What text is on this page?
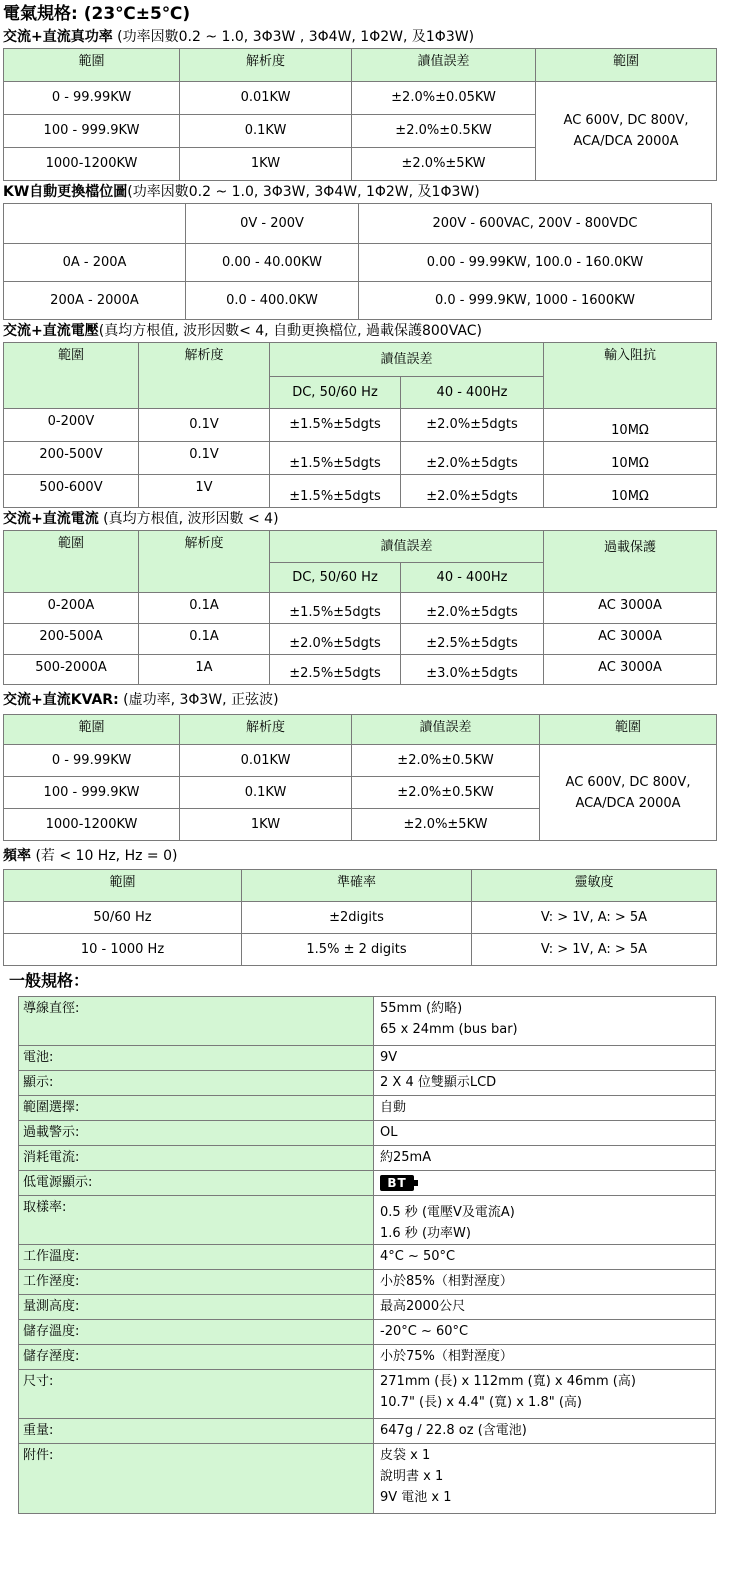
電氣規格: (23℃±5℃)
交流+直流真功率 (功率因數0.2 ~ 1.0, 3Φ3W , 3Φ4W, 1Φ2W, 及1Φ3W)
範圍	解析度	讀值誤差	範圍
0 - 99.99KW	0.01KW	±2.0%±0.05KW	AC 600V, DC 800V,
ACA/DCA 2000A

100 - 999.9KW	0.1KW	±2.0%±0.5KW	
1000-1200KW	1KW	±2.0%±5KW	
KW自動更換檔位圖(功率因數0.2 ~ 1.0, 3Φ3W, 3Φ4W, 1Φ2W, 及1Φ3W)
	0V - 200V	200V - 600VAC, 200V - 800VDC
0A - 200A	0.00 - 40.00KW	0.00 - 99.99KW, 100.0 - 160.0KW
200A - 2000A	0.0 - 400.0KW	0.0 - 999.9KW, 1000 - 1600KW
交流+直流電壓(真均方根值, 波形因數< 4, 自動更換檔位, 過載保護800VAC)
範圍	解析度	讀值誤差		輸入阻抗
		DC, 50/60 Hz	40 - 400Hz	
0-200V	0.1V	±1.5%±5dgts	±2.0%±5dgts	10MΩ
200-500V	0.1V	±1.5%±5dgts	±2.0%±5dgts	10MΩ
500-600V	1V	±1.5%±5dgts	±2.0%±5dgts	10MΩ
交流+直流電流 (真均方根值, 波形因數 < 4)
範圍	解析度	讀值誤差		過載保護
		DC, 50/60 Hz	40 - 400Hz	
0-200A	0.1A	±1.5%±5dgts	±2.0%±5dgts	AC 3000A
200-500A	0.1A	±2.0%±5dgts	±2.5%±5dgts	AC 3000A
500-2000A	1A	±2.5%±5dgts	±3.0%±5dgts	AC 3000A
交流+直流KVAR: (虛功率, 3Φ3W, 正弦波)
範圍	解析度	讀值誤差	範圍
0 - 99.99KW	0.01KW	±2.0%±0.5KW	AC 600V, DC 800V,
ACA/DCA 2000A

100 - 999.9KW	0.1KW	±2.0%±0.5KW	
1000-1200KW	1KW	±2.0%±5KW	
頻率 (若 < 10 Hz, Hz = 0)
範圍	準確率	靈敏度
50/60 Hz	±2digits	V: > 1V, A: > 5A
10 - 1000 Hz	1.5% ± 2 digits	V: > 1V, A: > 5A
一般規格：
導線直徑:	55mm (約略)
65 x 24mm (bus bar)

電池:	9V
顯示:	2 X 4 位雙顯示LCD
範圍選擇:	自動
過載警示:	OL
消耗電流:	約25mA
低電源顯示:	BT
取樣率:	0.5 秒 (電壓V及電流A)
1.6 秒 (功率W)

工作溫度:	4°C ~ 50°C
工作溼度:	小於85%（相對溼度）
量測高度:	最高2000公尺
儲存溫度:	-20°C ~ 60°C
儲存溼度:	小於75%（相對溼度）
尺寸:	271mm (長) x 112mm (寬) x 46mm (高)
10.7" (長) x 4.4" (寬) x 1.8" (高)

重量:	647g / 22.8 oz (含電池)
附件:	皮袋 x 1
說明書 x 1
9V 電池 x 1
